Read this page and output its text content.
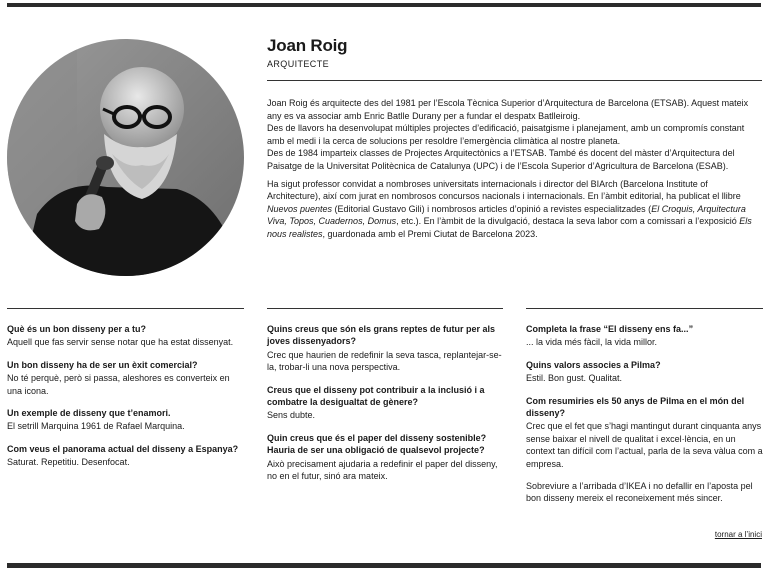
Joan Roig
ARQUITECTE

Joan Roig és arquitecte des del 1981 per l’Escola Tècnica Superior d’Arquitectura de Barcelona (ETSAB). Aquest mateix any es va associar amb Enric Batlle Durany per a fundar el despatx Batlleiroig.
Des de llavors ha desenvolupat múltiples projectes d’edificació, paisatgisme i planejament, amb un compromís constant amb el medi i la cerca de solucions per resoldre l’emergència climàtica al nostre planeta.
Des de 1984 imparteix classes de Projectes Arquitectònics a l’ETSAB. També és docent del màster d’Arquitectura del Paisatge de la Universitat Politècnica de Catalunya (UPC) i de l’Escola Superior d’Agricultura de Barcelona (ESAB).

Ha sigut professor convidat a nombroses universitats internacionals i director del BIArch (Barcelona Institute of Architecture), així com jurat en nombrosos concursos nacionals i internacionals. En l’àmbit editorial, ha publicat el llibre Nuevos puentes (Editorial Gustavo Gili) i nombrosos articles d’opinió a revistes especialitzades (El Croquis, Arquitectura Viva, Topos, Cuadernos, Domus, etc.). En l’àmbit de la divulgació, destaca la seva labor com a comissari a l’exposició Els nous realistes, guardonada amb el Premi Ciutat de Barcelona 2023.

Què és un bon disseny per a tu?
Aquell que fas servir sense notar que ha estat dissenyat.
Un bon disseny ha de ser un èxit comercial?
No té perquè, però si passa, aleshores es converteix en una icona.
Un exemple de disseny que t’enamori.
El setrill Marquina 1961 de Rafael Marquina.
Com veus el panorama actual del disseny a Espanya?
Saturat. Repetitiu. Desenfocat.
Quins creus que són els grans reptes de futur per als joves dissenyadors?
Crec que haurien de redefinir la seva tasca, replantejar-se-la, trobar-li una nova perspectiva.
Creus que el disseny pot contribuir a la inclusió i a combatre la desigualtat de gènere?
Sens dubte.
Quin creus que és el paper del disseny sostenible? Hauria de ser una obligació de qualsevol projecte?
Això precisament ajudaria a redefinir el paper del disseny, no en el futur, sinó ara mateix.
Completa la frase “El disseny ens fa...”
... la vida més fàcil, la vida millor.
Quins valors associes a Pilma?
Estil. Bon gust. Qualitat.
Com resumiries els 50 anys de Pilma en el món del disseny?
Crec que el fet que s’hagi mantingut durant cinquanta anys sense baixar el nivell de qualitat i excel·lència, en un context tan difícil com l’actual, parla de la seva vàlua com a empresa.
Sobreviure a l’arribada d’IKEA i no defallir en l’aposta pel bon disseny mereix el reconeixement més sincer.
tornar a l’inici
